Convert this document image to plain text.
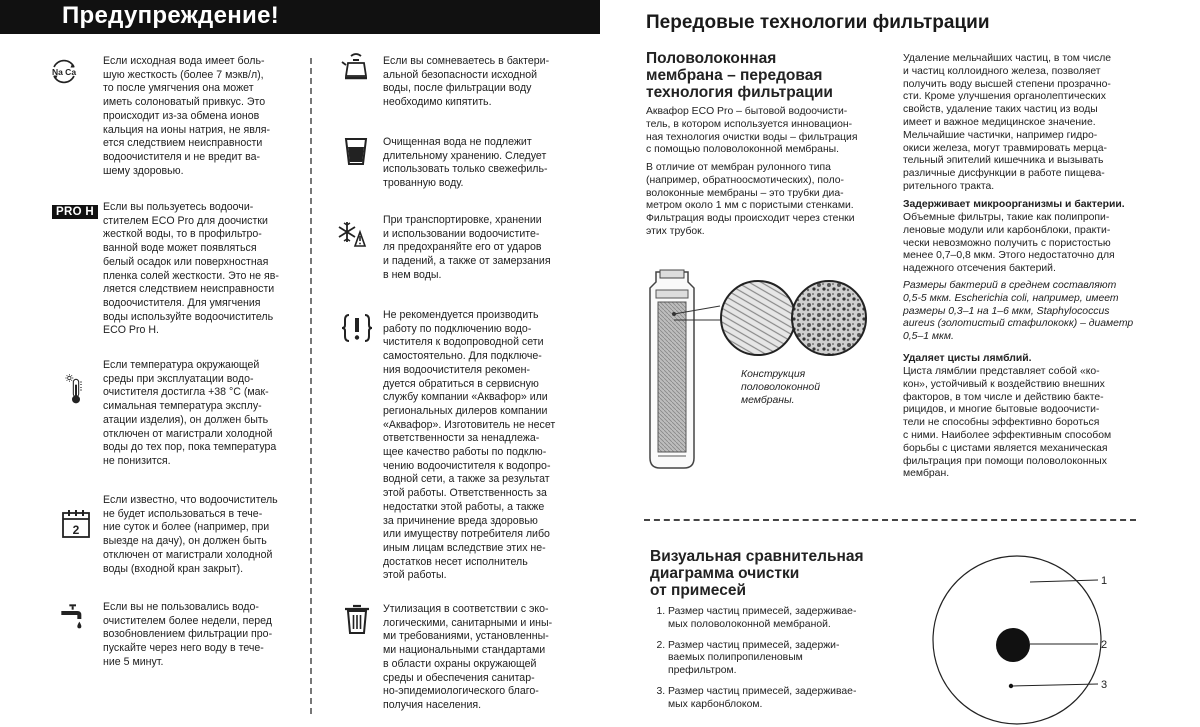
Предупреждение!
Na Ca
PRO H
2
Если исходная вода имеет боль-
шую жесткость (более 7 мэкв/л),
то после умягчения она может
иметь солоноватый привкус. Это
происходит из-за обмена ионов
кальция на ионы натрия, не явля-
ется следствием неисправности
водоочистителя и не вредит ва-
шему здоровью.
Если вы пользуетесь водоочи-
стителем ECO Pro для доочистки
жесткой воды, то в профильтро-
ванной воде может появляться
белый осадок или поверхностная
пленка солей жесткости. Это не яв-
ляется следствием неисправности
водоочистителя. Для умягчения
воды используйте водоочиститель
ECO Pro H.
Если температура окружающей
среды при эксплуатации водо-
очистителя достигла +38 °С (мак-
симальная температура эксплу-
атации изделия), он должен быть
отключен от магистрали холодной
воды до тех пор, пока температура
не понизится.
Если известно, что водоочиститель
не будет использоваться в течe-
ние суток и более (например, при
выезде на дачу), он должен быть
отключен от магистрали холодной
воды (входной кран закрыт).
Если вы не пользовались водо-
очистителем более недели, перед
возобновлением фильтрации про-
пускайте через него воду в тече-
ние 5 минут.
Если вы сомневаетесь в бактери-
альной безопасности исходной
воды, после фильтрации воду
необходимо кипятить.
Очищенная вода не подлежит
длительному хранению. Следует
использовать только свежефиль-
трованную воду.
При транспортировке, хранении
и использовании водоочистите-
ля предохраняйте его от ударов
и падений, а также от замерзания
в нем воды.
Не рекомендуется производить
работу по подключению водо-
чистителя к водопроводной сети
самостоятельно. Для подключе-
ния водоочистителя рекомен-
дуется обратиться в сервисную
службу компании «Аквафор» или
региональных дилеров компании
«Аквафор». Изготовитель не несет
ответственности за ненадлежа-
щее качество работы по подклю-
чению водоочистителя к водопро-
водной сети, а также за результат
этой работы. Ответственность за
недостатки этой работы, а также
за причинение вреда здоровью
или имуществу потребителя либо
иным лицам вследствие этих не-
достатков несет исполнитель
этой работы.
Утилизация в соответствии с эко-
логическими, санитарными и ины-
ми требованиями, установленны-
ми национальными стандартами
в области охраны окружающей
среды и обеспечения санитар-
но-эпидемиологического благо-
получия населения.
Передовые технологии фильтрации
Половолоконная
мембрана – передовая
технология фильтрации
Аквафор ECO Pro – бытовой водоочисти-
тель, в котором используется инновацион-
ная технология очистки воды – фильтрация
с помощью половолоконной мембраны.
В отличие от мембран рулонного типа
(например, обратноосмотических), поло-
волоконные мембраны – это трубки диа-
метром около 1 мм с пористыми стенками.
Фильтрация воды происходит через стенки
этих трубок.
Конструкция
половолоконной
мембраны.
Удаление мельчайших частиц, в том числе
и частиц коллоидного железа, позволяет
получить воду высшей степени прозрачно-
сти. Кроме улучшения органолептических
свойств, удаление таких частиц из воды
имеет и важное медицинское значение.
Мельчайшие частички, например гидро-
окиси железа, могут травмировать мерца-
тельный эпителий кишечника и вызывать
различные дисфункции в работе пищева-
рительного тракта.
Задерживает микроорганизмы и бактерии.
Объемные фильтры, такие как полипропи-
леновые модули или карбонблоки, практи-
чески невозможно получить с пористостью
менее 0,7–0,8 мкм. Этого недостаточно для
надежного отсечения бактерий.
Размеры бактерий в среднем составляют
0,5-5 мкм. Escherichia coli, например, имеет
размеры 0,3–1 на 1–6 мкм, Staphylococcus
aureus (золотистый стафилококк) – диаметр
0,5–1 мкм.
Удаляет цисты лямблий.
Циста лямблии представляет собой «ко-
кон», устойчивый к воздействию внешних
факторов, в том числе и действию бакте-
рицидов, и многие бытовые водоочисти-
тели не способны эффективно бороться
с ними. Наиболее эффективным способом
борьбы с цистами является механическая
фильтрация при помощи половолоконных
мембран.
Визуальная сравнительная
диаграмма очистки
от примесей
1. Размер частиц примесей, задерживае-
мых половолоконной мембраной.
2. Размер частиц примесей, задержи-
ваемых полипропиленовым
префильтром.
3. Размер частиц примесей, задерживае-
мых карбонблоком.
1
2
3
